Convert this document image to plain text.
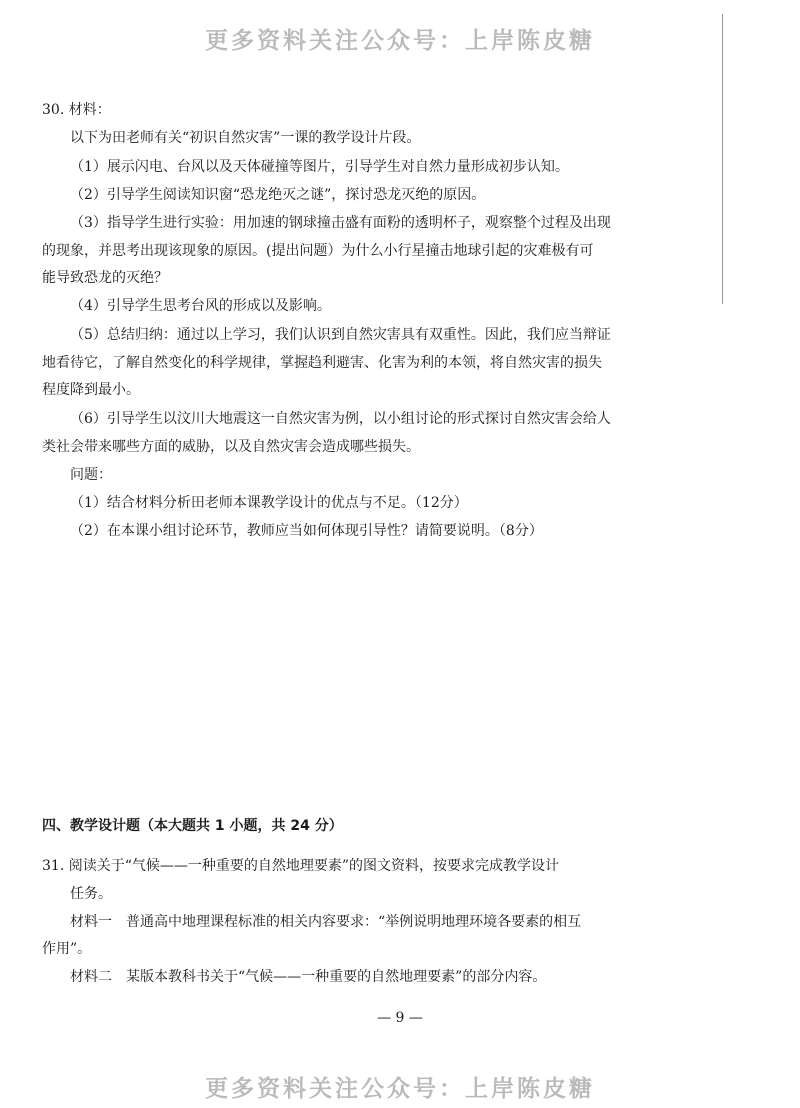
更多资料关注公众号：上岸陈皮糖
30. 材料：
以下为田老师有关“初识自然灾害”一课的教学设计片段。
（1）展示闪电、台风以及天体碰撞等图片，引导学生对自然力量形成初步认知。
（2）引导学生阅读知识窗“恐龙绝灭之谜”，探讨恐龙灭绝的原因。
（3）指导学生进行实验：用加速的钢球撞击盛有面粉的透明杯子，观察整个过程及出现
的现象，并思考出现该现象的原因。(提出问题）为什么小行星撞击地球引起的灾难极有可
能导致恐龙的灭绝？
（4）引导学生思考台风的形成以及影响。
（5）总结归纳：通过以上学习，我们认识到自然灾害具有双重性。因此，我们应当辩证
地看待它，了解自然变化的科学规律，掌握趋利避害、化害为利的本领，将自然灾害的损失
程度降到最小。
（6）引导学生以汶川大地震这一自然灾害为例，以小组讨论的形式探讨自然灾害会给人
类社会带来哪些方面的威胁，以及自然灾害会造成哪些损失。
问题：
（1）结合材料分析田老师本课教学设计的优点与不足。（12分）
（2）在本课小组讨论环节，教师应当如何体现引导性？请简要说明。（8分）
四、教学设计题（本大题共 1 小题，共 24 分）
31. 阅读关于“气候——一种重要的自然地理要素”的图文资料，按要求完成教学设计
任务。
材料一　普通高中地理课程标准的相关内容要求：“举例说明地理环境各要素的相互
作用”。
材料二　某版本教科书关于“气候——一种重要的自然地理要素”的部分内容。
— 9 —
更多资料关注公众号：上岸陈皮糖
